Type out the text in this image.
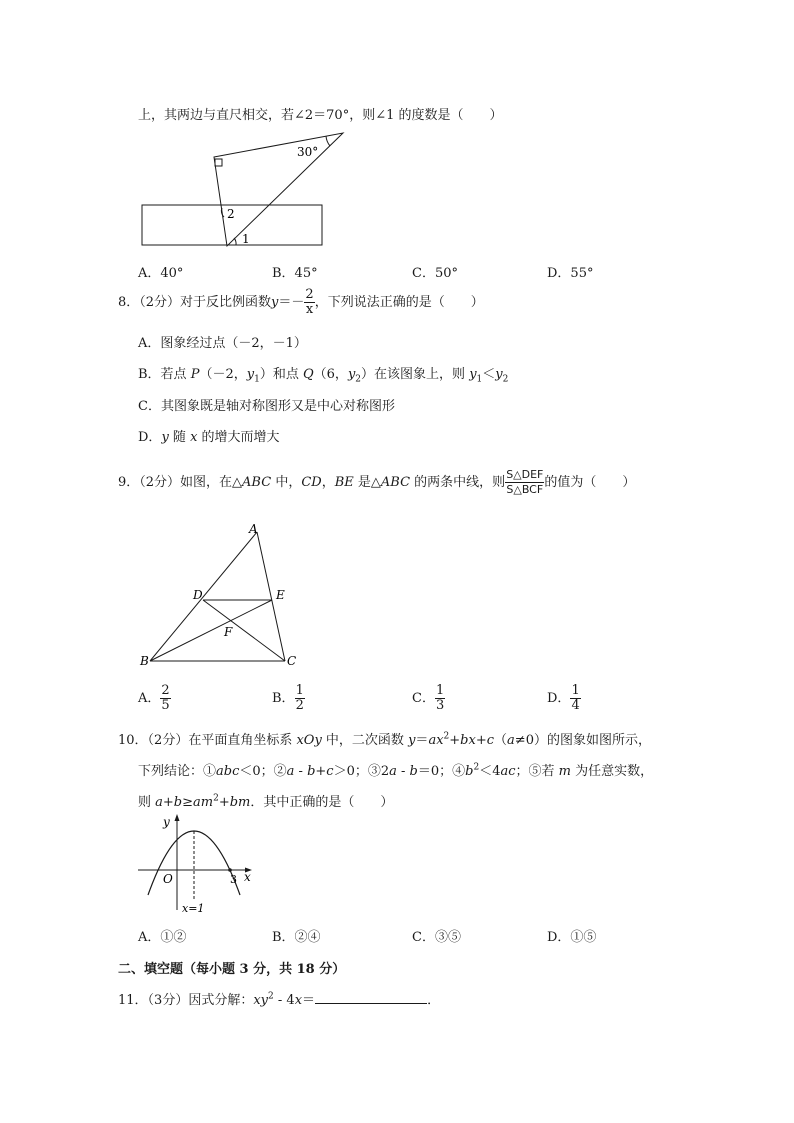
上，其两边与直尺相交，若∠2＝70°，则∠1 的度数是（　　）
30°
2
1
A．40°	B．45°	C．50°	D．55°
8．（2分）对于反比例函数$y=- \frac{2}{x}$ ，下列说法正确的是（　　）
A．图象经过点（－2，－1）
B．若点 P（－2，$y_1$）和点 Q（6，$y_2$）在该图象上，则 $y_1<y_2$
C．其图象既是轴对称图形又是中心对称图形
D．y 随 x 的增大而增大
9．（2分）如图，在△ABC 中，CD，BE 是△ABC 的两条中线，则 $\frac{\text{S△DEF}}{\text{S△BCF}}$ 的值为（　　）
A
B	C
D	E
F
A． $\frac{2}{5}$	B． $\frac{1}{2}$	C． $\frac{1}{3}$	D． $\frac{1}{4}$
10．（2分）在平面直角坐标系 xOy 中，二次函数 $y=ax^2+bx+c(a\ne 0)$的图象如图所示，
下列结论：①abc＜0；②a - b+c＞0；③2a - b＝0；$④b^2<4ac$；⑤若 m 为任意实数，
则 $a+b\ge am^2+bm$．其中正确的是（　　）
y
x
O	3
x=1
A．①②	B．②④	C．③⑤	D．①⑤
二、填空题（每小题 3 分，共 18 分）
11．（3分）因式分解：$xy^2 - 4x=$	．
